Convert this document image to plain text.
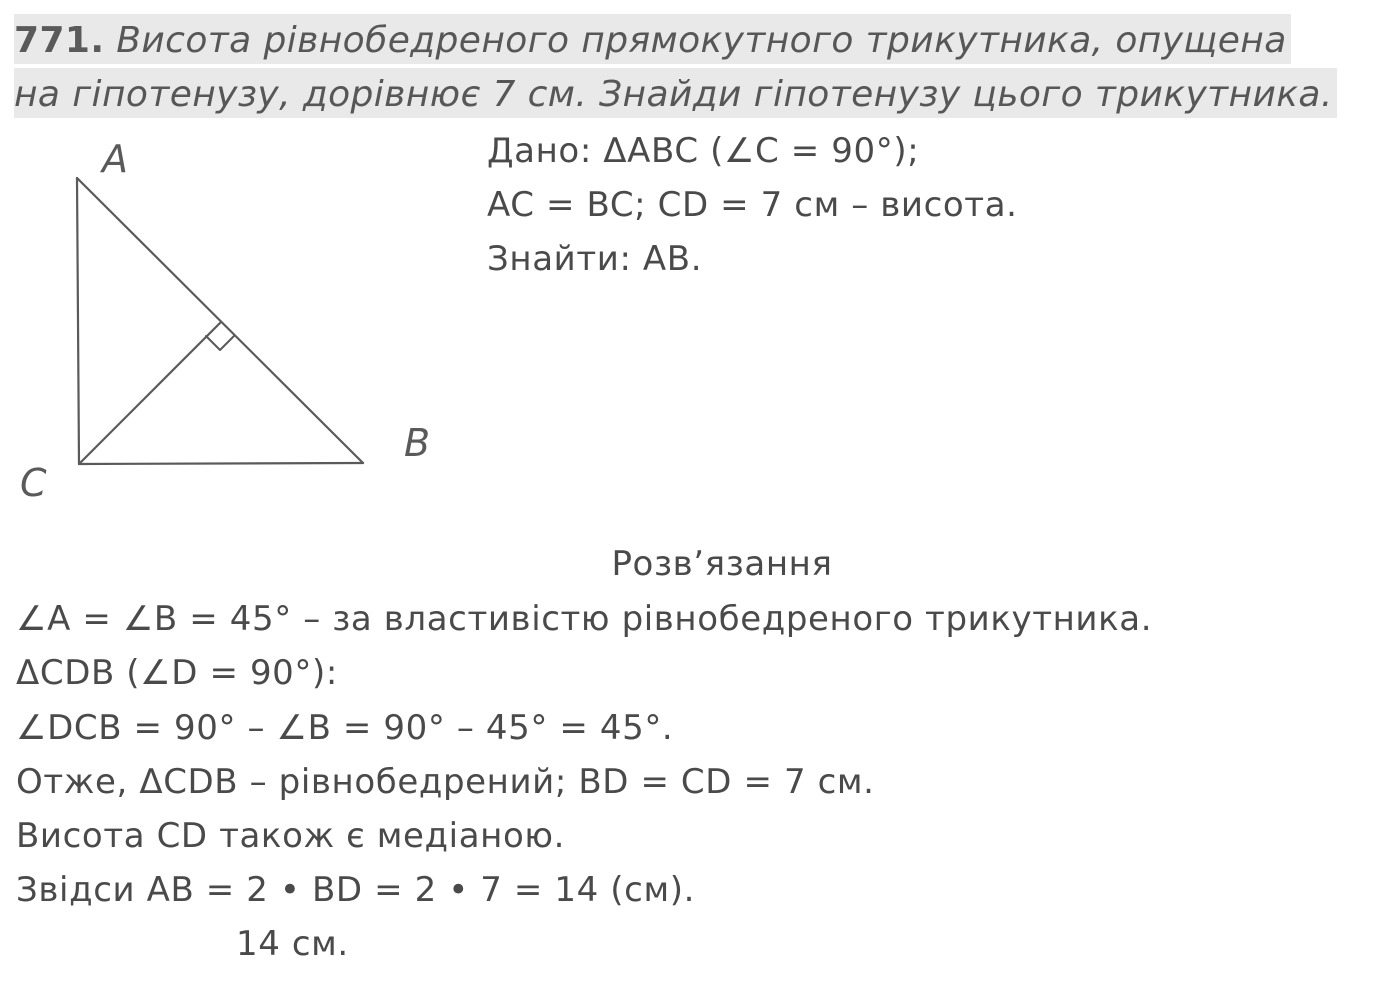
771. Висота рівнобедреного прямокутного трикутника, опущена
на гіпотенузу, дорівнює 7 см. Знайди гіпотенузу цього трикутника.
Дано: ΔABC (∠C = 90°);
AC = BC; CD = 7 см – висота.
Знайти: AB.
A
B
C
Розв’язання
∠A = ∠B = 45° – за властивістю рівнобедреного трикутника.
ΔCDB (∠D = 90°):
∠DCB = 90° – ∠B = 90° – 45° = 45°.
Отже, ΔCDB – рівнобедрений; BD = CD = 7 см.
Висота CD також є медіаною.
Звідси AB = 2 • BD = 2 • 7 = 14 (см).
14 см.
